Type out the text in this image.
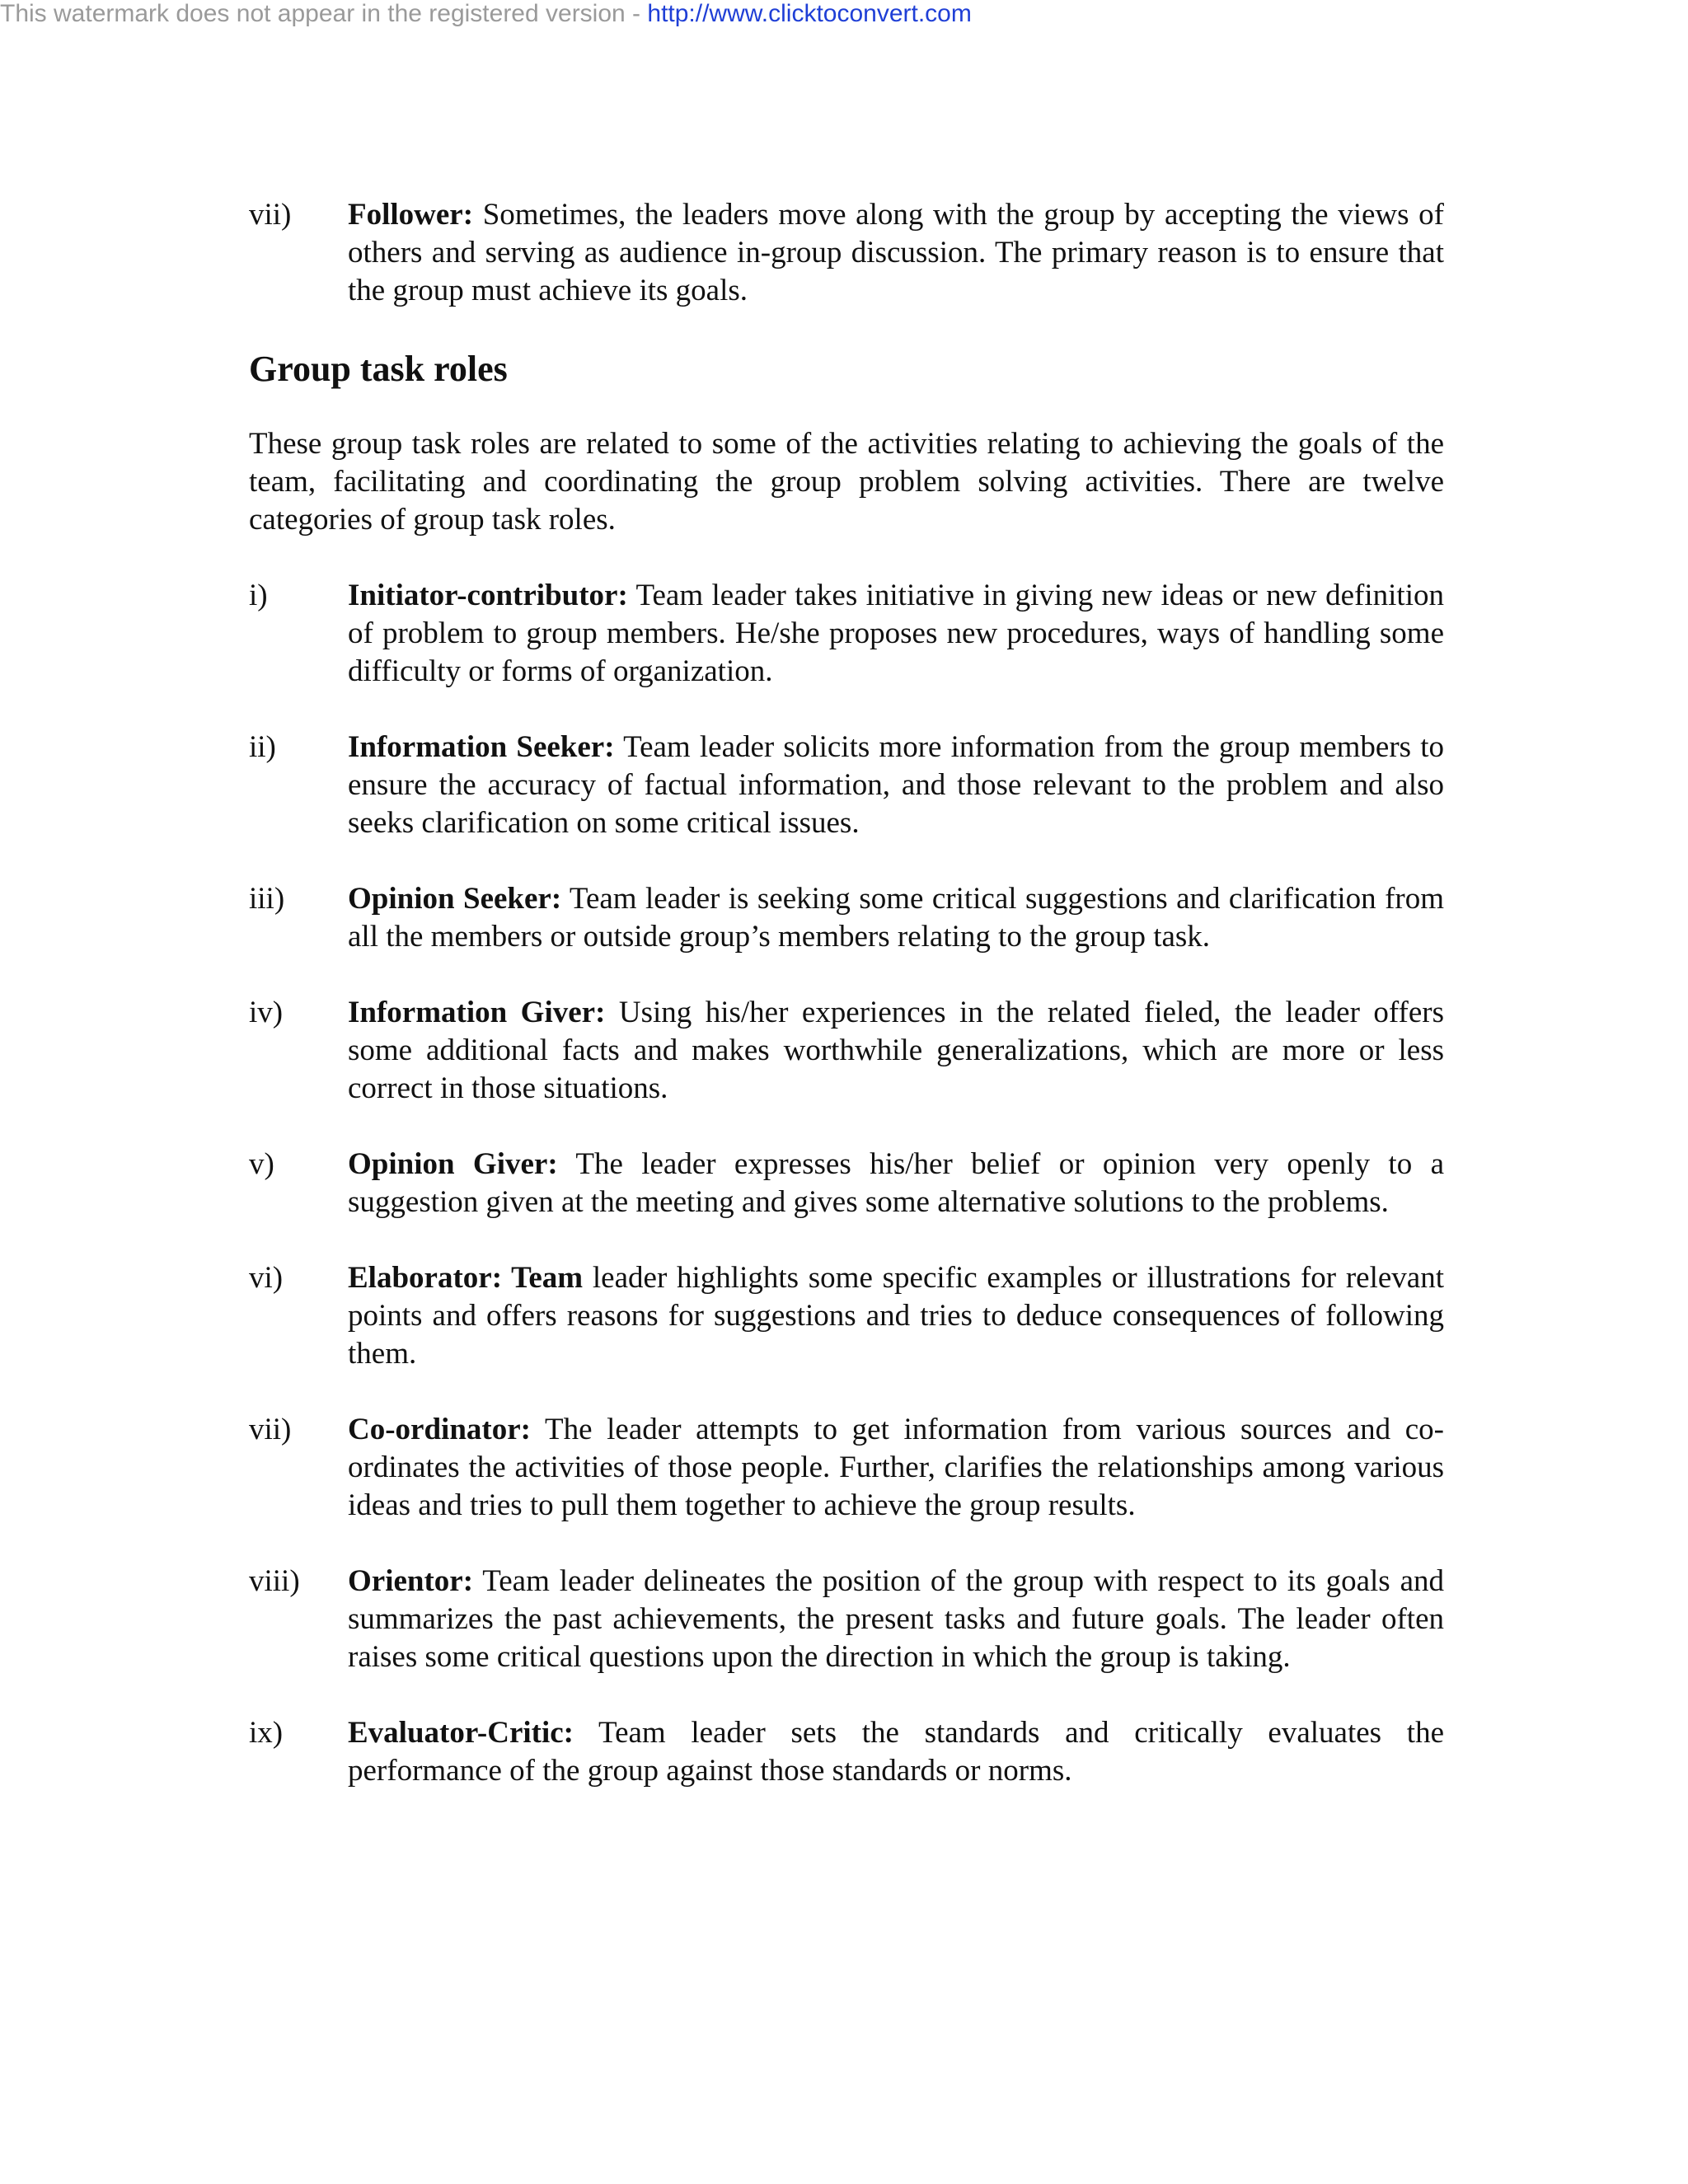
This watermark does not appear in the registered version - http://www.clicktoconvert.com
vii) Follower: Sometimes, the leaders move along with the group by accepting the views of others and serving as audience in-group discussion. The primary reason is to ensure that the group must achieve its goals.
Group task roles
These group task roles are related to some of the activities relating to achieving the goals of the team, facilitating and coordinating the group problem solving activities. There are twelve categories of group task roles.
i)	Initiator-contributor: Team leader takes initiative in giving new ideas or new definition of problem to group members. He/she proposes new procedures, ways of handling some difficulty or forms of organization.
ii) Information Seeker: Team leader solicits more information from the group members to ensure the accuracy of factual information, and those relevant to the problem and also seeks clarification on some critical issues.
iii) Opinion Seeker: Team leader is seeking some critical suggestions and clarification from all the members or outside group’s members relating to the group task.
iv) Information Giver: Using his/her experiences in the related fieled, the leader offers some additional facts and makes worthwhile generalizations, which are more or less correct in those situations.
v) Opinion Giver: The leader expresses his/her belief or opinion very openly to a suggestion given at the meeting and gives some alternative solutions to the problems.
vi) Elaborator: Team leader highlights some specific examples or illustrations for relevant points and offers reasons for suggestions and tries to deduce consequences of following them.
vii) Co-ordinator: The leader attempts to get information from various sources and co-ordinates the activities of those people. Further, clarifies the relationships among various ideas and tries to pull them together to achieve the group results.
viii) Orientor: Team leader delineates the position of the group with respect to its goals and summarizes the past achievements, the present tasks and future goals. The leader often raises some critical questions upon the direction in which the group is taking.
ix) Evaluator-Critic: Team leader sets the standards and critically evaluates the performance of the group against those standards or norms.
